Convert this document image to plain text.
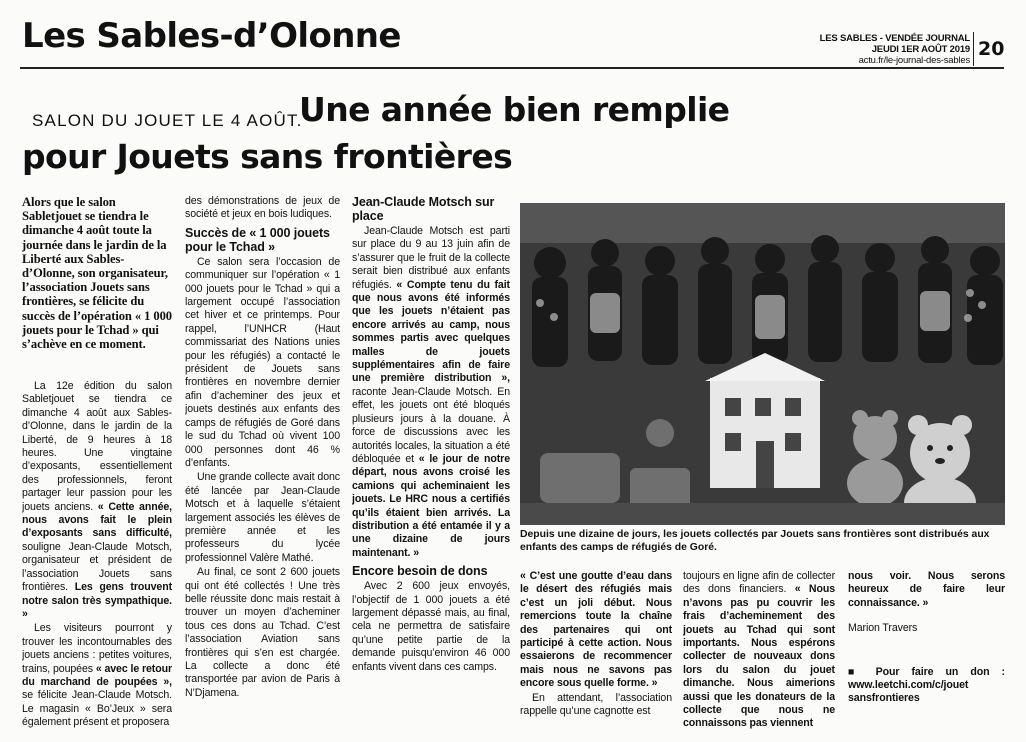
Les Sables-d’Olonne	LES SABLES - VENDÉE JOURNAL
JEUDI 1ER AOÛT 2019
actu.fr/le-journal-des-sables
20
SALON DU JOUET LE 4 AOÛT.
Une année bien remplie
pour Jouets sans frontières

Alors que le salon Sabletjouet se tiendra le dimanche 4 août toute la journée dans le jardin de la Liberté aux Sables-d’Olonne, son organisateur, l’association Jouets sans frontières, se félicite du succès de l’opération « 1 000 jouets pour le Tchad » qui s’achève en ce moment.

La 12e édition du salon Sabletjouet se tiendra ce dimanche 4 août aux Sables-d’Olonne, dans le jardin de la Liberté, de 9 heures à 18 heures. Une vingtaine d’exposants, essentiellement des professionnels, feront partager leur passion pour les jouets anciens. « Cette année, nous avons fait le plein d’exposants sans difficulté, souligne Jean-Claude Motsch, organisateur et président de l’association Jouets sans frontières. Les gens trouvent notre salon très sympathique. »

Les visiteurs pourront y trouver les incontournables des jouets anciens : petites voitures, trains, poupées « avec le retour du marchand de poupées », se félicite Jean-Claude Motsch. Le magasin « Bo’Jeux » sera également présent et proposera

des démonstrations de jeux de société et jeux en bois ludiques.

Succès de « 1 000 jouets pour le Tchad »

Ce salon sera l’occasion de communiquer sur l’opération « 1 000 jouets pour le Tchad » qui a largement occupé l’association cet hiver et ce printemps. Pour rappel, l’UNHCR (Haut commissariat des Nations unies pour les réfugiés) a contacté le président de Jouets sans frontières en novembre dernier afin d’acheminer des jeux et jouets destinés aux enfants des camps de réfugiés de Goré dans le sud du Tchad où vivent 100 000 personnes dont 46 % d’enfants.

Une grande collecte avait donc été lancée par Jean-Claude Motsch et à laquelle s’étaient largement associés les élèves de première année et les professeurs du lycée professionnel Valère Mathé.

Au final, ce sont 2 600 jouets qui ont été collectés ! Une très belle réussite donc mais restait à trouver un moyen d’acheminer tous ces dons au Tchad. C’est l’association Aviation sans frontières qui s’en est chargée. La collecte a donc été transportée par avion de Paris à N’Djamena.

Jean-Claude Motsch sur place

Jean-Claude Motsch est parti sur place du 9 au 13 juin afin de s’assurer que le fruit de la collecte serait bien distribué aux enfants réfugiés. « Compte tenu du fait que nous avons été informés que les jouets n’étaient pas encore arrivés au camp, nous sommes partis avec quelques malles de jouets supplémentaires afin de faire une première distribution », raconte Jean-Claude Motsch. En effet, les jouets ont été bloqués plusieurs jours à la douane. À force de discussions avec les autorités locales, la situation a été débloquée et « le jour de notre départ, nous avons croisé les camions qui acheminaient les jouets. Le HRC nous a certifiés qu’ils étaient bien arrivés. La distribution a été entamée il y a une dizaine de jours maintenant. »

Encore besoin de dons

Avec 2 600 jeux envoyés, l’objectif de 1 000 jouets a été largement dépassé mais, au final, cela ne permettra de satisfaire qu’une petite partie de la demande puisqu’environ 46 000 enfants vivent dans ces camps.

Depuis une dizaine de jours, les jouets collectés par Jouets sans frontières sont distribués aux enfants des camps de réfugiés de Goré.

« C’est une goutte d’eau dans le désert des réfugiés mais c’est un joli début. Nous remercions toute la chaîne des partenaires qui ont participé à cette action. Nous essaierons de recommencer mais nous ne savons pas encore sous quelle forme. »

En attendant, l’association rappelle qu’une cagnotte est

toujours en ligne afin de collecter des dons financiers. « Nous n’avons pas pu couvrir les frais d’acheminement des jouets au Tchad qui sont importants. Nous espérons collecter de nouveaux dons lors du salon du jouet dimanche. Nous aimerions aussi que les donateurs de la collecte que nous ne connaissons pas viennent

nous voir. Nous serons heureux de faire leur connaissance. »

Marion Travers

■ Pour faire un don : www.leetchi.com/c/jouet sansfrontieres
